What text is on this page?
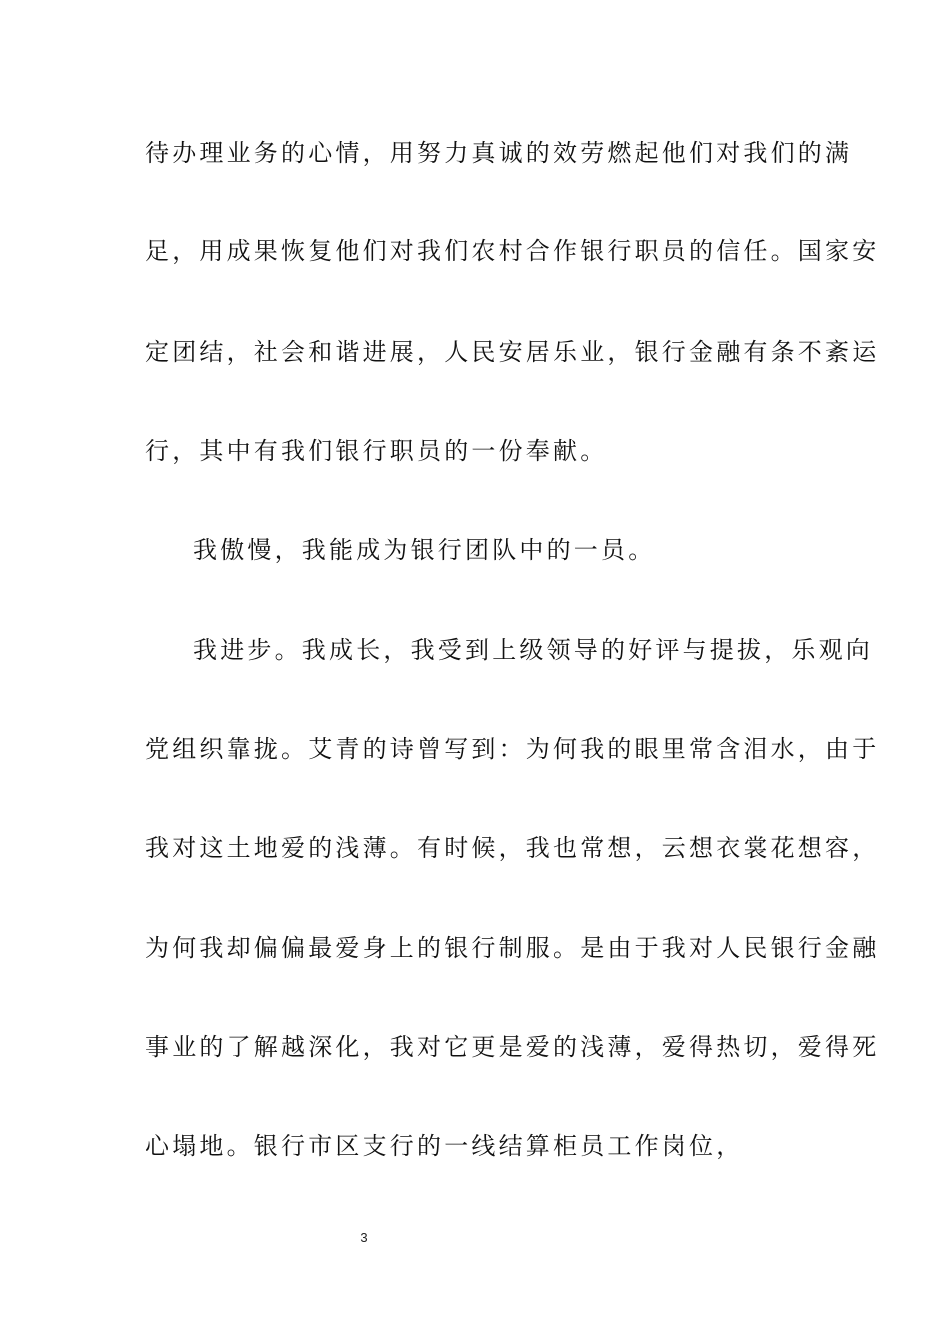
待办理业务的心情，用努力真诚的效劳燃起他们对我们的满
足，用成果恢复他们对我们农村合作银行职员的信任。国家安
定团结，社会和谐进展，人民安居乐业，银行金融有条不紊运
行，其中有我们银行职员的一份奉献。
我傲慢，我能成为银行团队中的一员。
我进步。我成长，我受到上级领导的好评与提拔，乐观向
党组织靠拢。艾青的诗曾写到：为何我的眼里常含泪水，由于
我对这土地爱的浅薄。有时候，我也常想，云想衣裳花想容，
为何我却偏偏最爱身上的银行制服。是由于我对人民银行金融
事业的了解越深化，我对它更是爱的浅薄，爱得热切，爱得死
心塌地。银行市区支行的一线结算柜员工作岗位，
3
